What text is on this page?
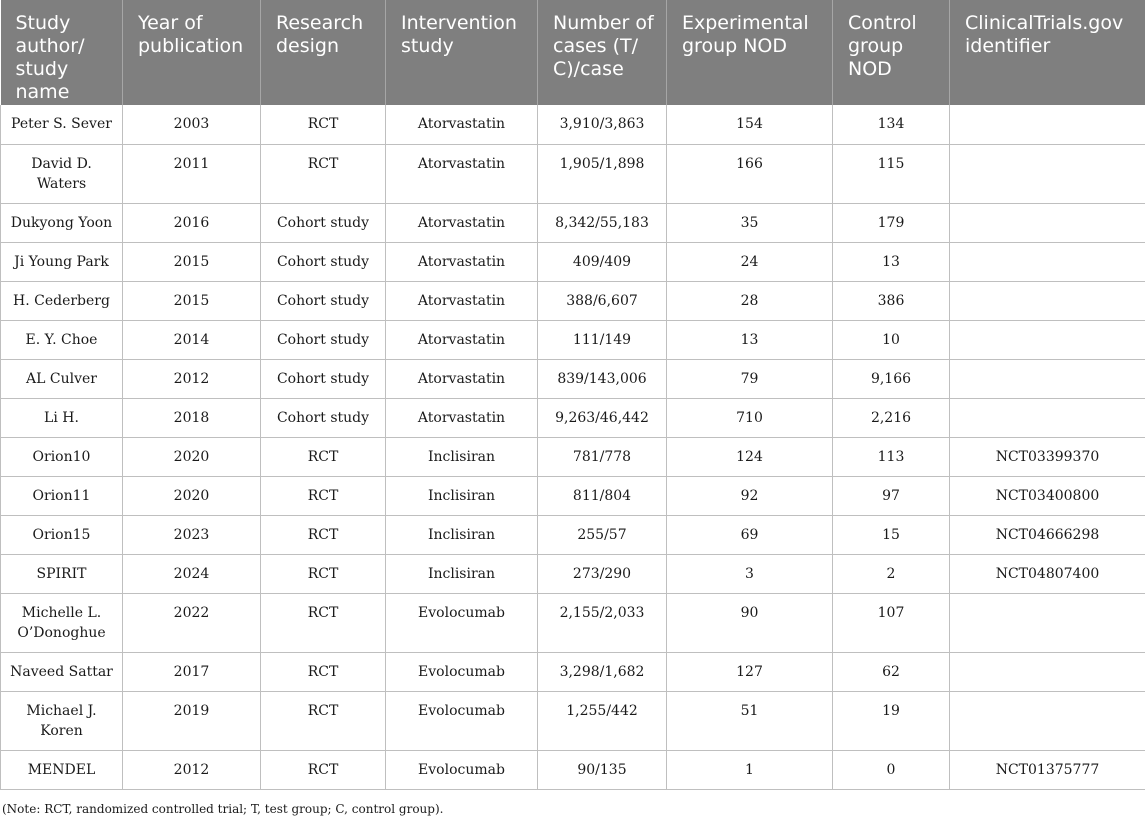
Study author/ study name	Year of publication	Research design	Intervention study	Number of cases (T/ C)/case	Experimental group NOD	Control group NOD	ClinicalTrials.gov identifier
Peter S. Sever	2003	RCT	Atorvastatin	3,910/3,863	154	134	
David D. Waters	2011	RCT	Atorvastatin	1,905/1,898	166	115	
Dukyong Yoon	2016	Cohort study	Atorvastatin	8,342/55,183	35	179	
Ji Young Park	2015	Cohort study	Atorvastatin	409/409	24	13	
H. Cederberg	2015	Cohort study	Atorvastatin	388/6,607	28	386	
E. Y. Choe	2014	Cohort study	Atorvastatin	111/149	13	10	
AL Culver	2012	Cohort study	Atorvastatin	839/143,006	79	9,166	
Li H.	2018	Cohort study	Atorvastatin	9,263/46,442	710	2,216	
Orion10	2020	RCT	Inclisiran	781/778	124	113	NCT03399370
Orion11	2020	RCT	Inclisiran	811/804	92	97	NCT03400800
Orion15	2023	RCT	Inclisiran	255/57	69	15	NCT04666298
SPIRIT	2024	RCT	Inclisiran	273/290	3	2	NCT04807400
Michelle L. O’Donoghue	2022	RCT	Evolocumab	2,155/2,033	90	107	
Naveed Sattar	2017	RCT	Evolocumab	3,298/1,682	127	62	
Michael J. Koren	2019	RCT	Evolocumab	1,255/442	51	19	
MENDEL	2012	RCT	Evolocumab	90/135	1	0	NCT01375777
(Note: RCT, randomized controlled trial; T, test group; C, control group).
